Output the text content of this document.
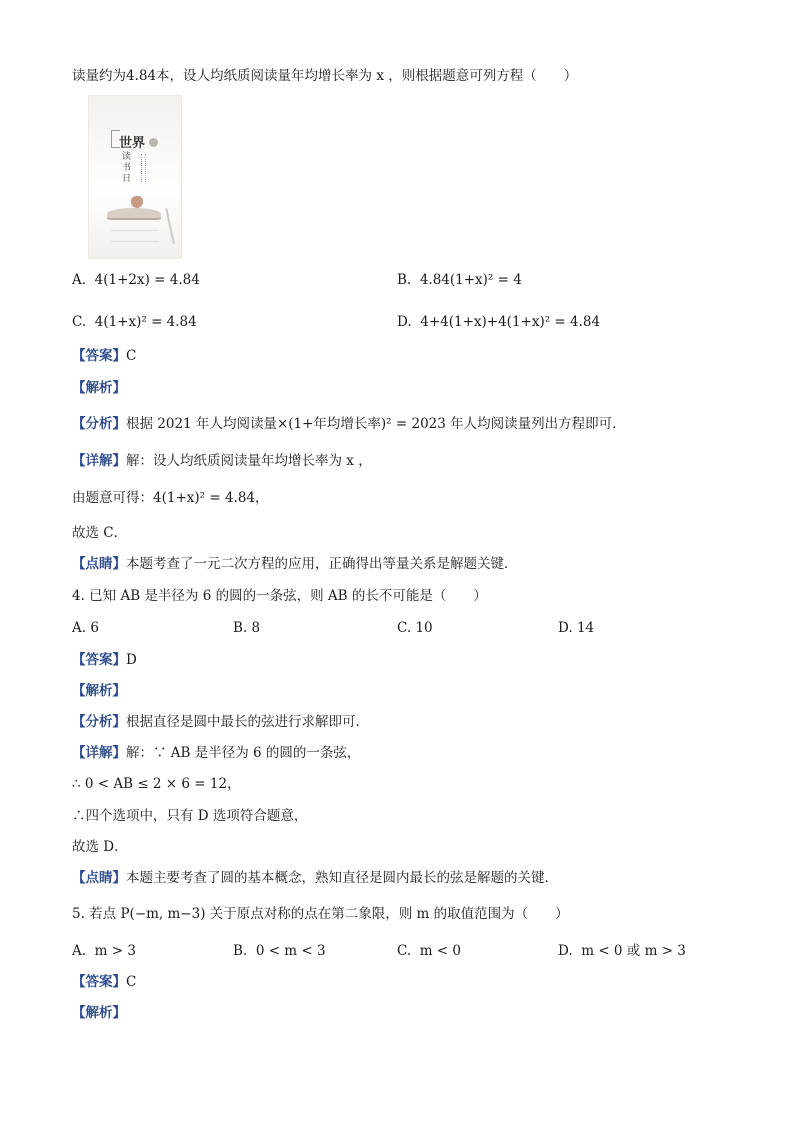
读量约为4.84本，设人均纸质阅读量年均增长率为 x ，则根据题意可列方程（　　）
世界
读书日
A. 4(1+2x) = 4.84	B. 4.84(1+x)² = 4
C. 4(1+x)² = 4.84	D. 4+4(1+x)+4(1+x)² = 4.84
【答案】C
【解析】
【分析】根据 2021 年人均阅读量×(1+年均增长率)² = 2023 年人均阅读量列出方程即可．
【详解】解：设人均纸质阅读量年均增长率为 x ，
由题意可得：4(1+x)² = 4.84，
故选 C．
【点睛】本题考查了一元二次方程的应用，正确得出等量关系是解题关键．
4. 已知 AB 是半径为 6 的圆的一条弦，则 AB 的长不可能是（　　）
A. 6	B. 8	C. 10	D. 14
【答案】D
【解析】
【分析】根据直径是圆中最长的弦进行求解即可．
【详解】解：∵ AB 是半径为 6 的圆的一条弦，
∴ 0 < AB ≤ 2 × 6 = 12，
∴四个选项中，只有 D 选项符合题意，
故选 D．
【点睛】本题主要考查了圆的基本概念，熟知直径是圆内最长的弦是解题的关键．
5. 若点 P(−m, m−3) 关于原点对称的点在第二象限，则 m 的取值范围为（　　）
A. m > 3	B. 0 < m < 3	C. m < 0	D. m < 0 或 m > 3
【答案】C
【解析】
